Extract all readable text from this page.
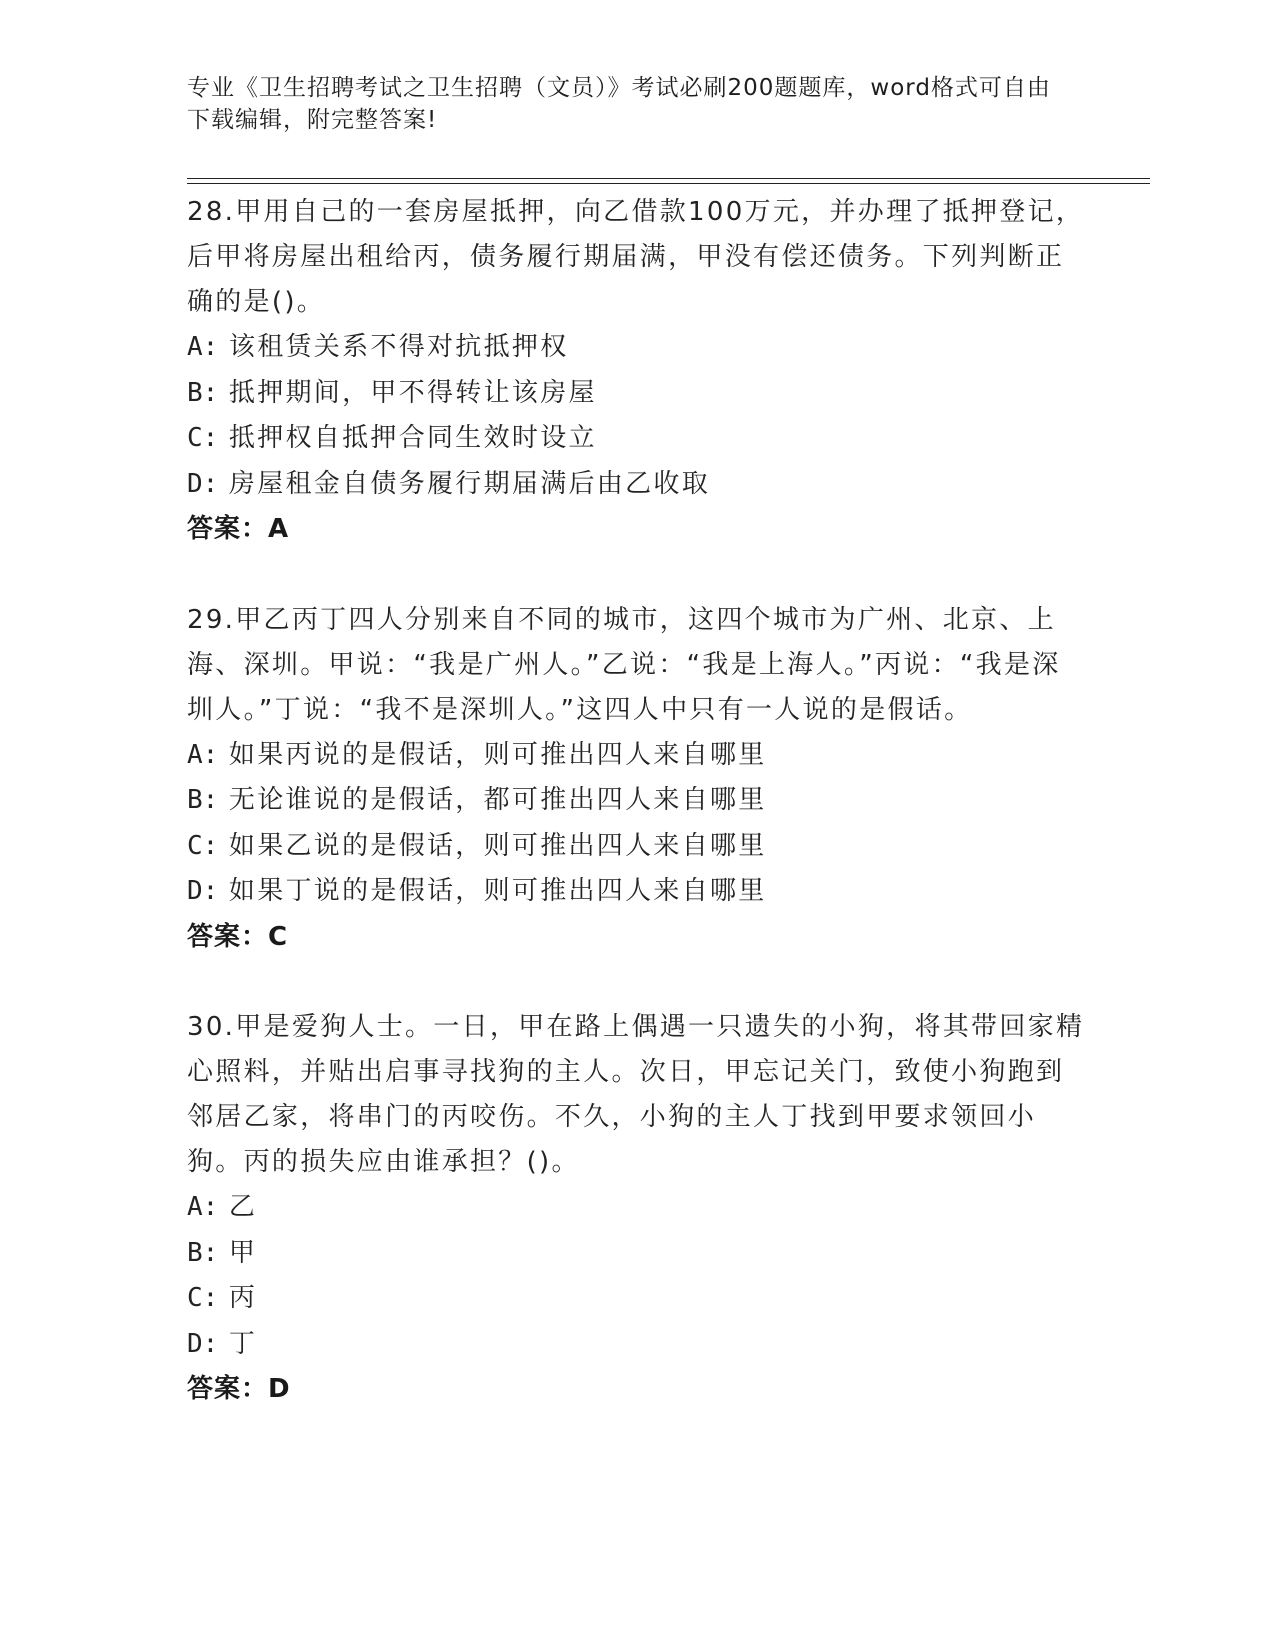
专业《卫生招聘考试之卫生招聘（文员）》考试必刷200题题库，word格式可自由下载编辑，附完整答案!
28.甲用自己的一套房屋抵押，向乙借款100万元，并办理了抵押登记，后甲将房屋出租给丙，债务履行期届满，甲没有偿还债务。下列判断正确的是()。
A: 该租赁关系不得对抗抵押权
B: 抵押期间，甲不得转让该房屋
C: 抵押权自抵押合同生效时设立
D: 房屋租金自债务履行期届满后由乙收取
答案：A
29.甲乙丙丁四人分别来自不同的城市，这四个城市为广州、北京、上海、深圳。甲说：“我是广州人。”乙说：“我是上海人。”丙说：“我是深圳人。”丁说：“我不是深圳人。”这四人中只有一人说的是假话。
A: 如果丙说的是假话，则可推出四人来自哪里
B: 无论谁说的是假话，都可推出四人来自哪里
C: 如果乙说的是假话，则可推出四人来自哪里
D: 如果丁说的是假话，则可推出四人来自哪里
答案：C
30.甲是爱狗人士。一日，甲在路上偶遇一只遗失的小狗，将其带回家精心照料，并贴出启事寻找狗的主人。次日，甲忘记关门，致使小狗跑到邻居乙家，将串门的丙咬伤。不久，小狗的主人丁找到甲要求领回小狗。丙的损失应由谁承担？()。
A: 乙
B: 甲
C: 丙
D: 丁
答案：D
